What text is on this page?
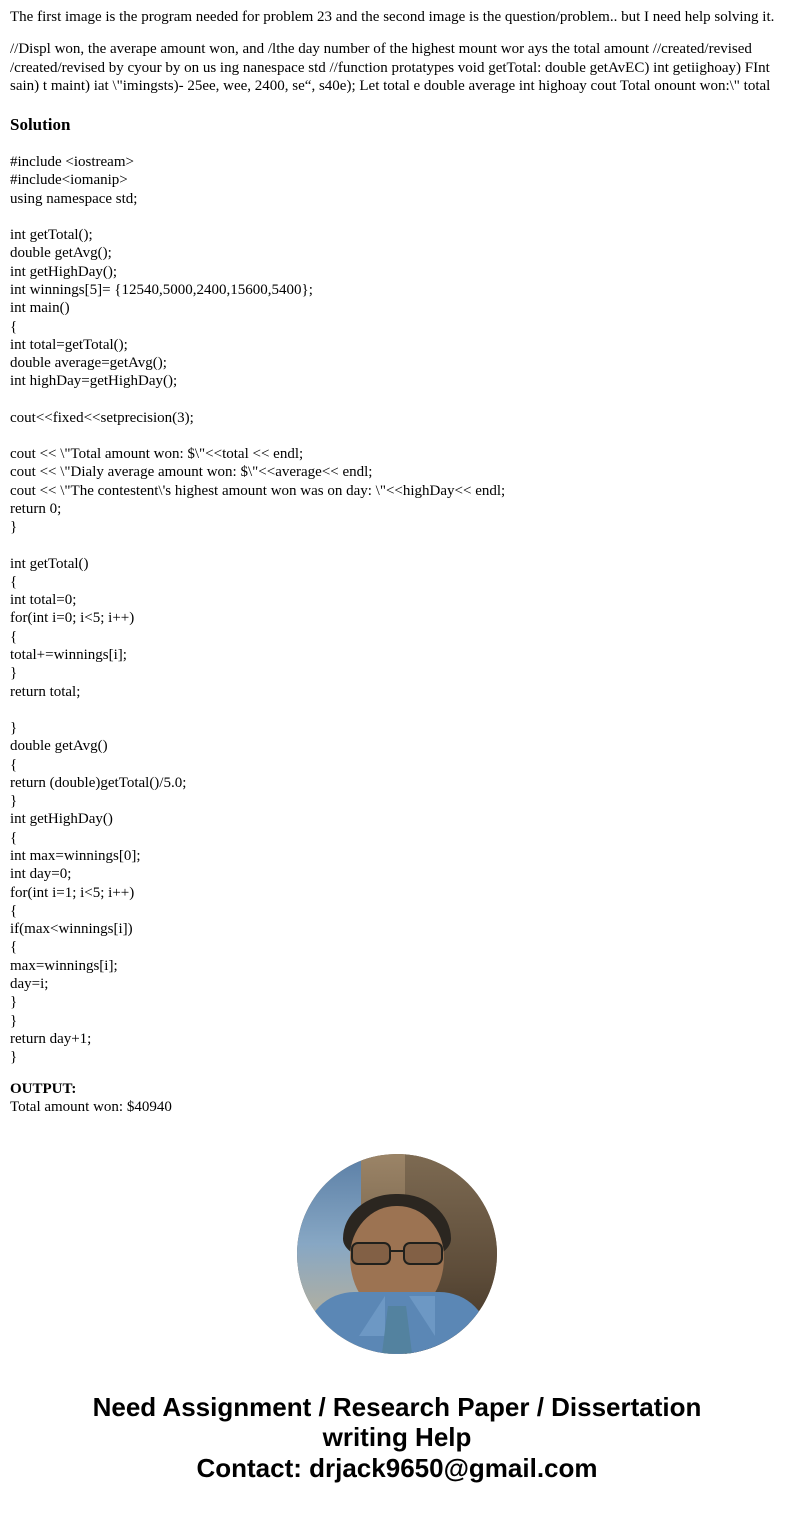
The first image is the program needed for problem 23 and the second image is the question/problem.. but I need help solving it.

//Displ won, the averape amount won, and /lthe day number of the highest mount wor ays the total amount //created/revised /created/revised by cyour by on us ing nanespace std //function protatypes void getTotal: double getAvEC) int getiighoay) FInt sain) t maint) iat \"imingsts)- 25ee, wee, 2400, se“, s40e); Let total e double average int highoay cout Total onount won:\" total

Solution
#include <iostream>
#include<iomanip>
using namespace std;
int getTotal();
double getAvg();
int getHighDay();
int winnings[5]= {12540,5000,2400,15600,5400};
int main()
{
int total=getTotal();
double average=getAvg();
int highDay=getHighDay();
cout<<fixed<<setprecision(3);
cout << \"Total amount won: $\"<<total << endl;
cout << \"Dialy average amount won: $\"<<average<< endl;
cout << \"The contestent\'s highest amount won was on day: \"<<highDay<< endl;
return 0;
}
int getTotal()
{
int total=0;
for(int i=0; i<5; i++)
{
total+=winnings[i];
}
return total;
}
double getAvg()
{
return (double)getTotal()/5.0;
}
int getHighDay()
{
int max=winnings[0];
int day=0;
for(int i=1; i<5; i++)
{
if(max<winnings[i])
{
max=winnings[i];
day=i;
}
}
return day+1;
}
OUTPUT:
Total amount won: $40940
Need Assignment / Research Paper / Dissertation
writing Help
Contact: drjack9650@gmail.com
